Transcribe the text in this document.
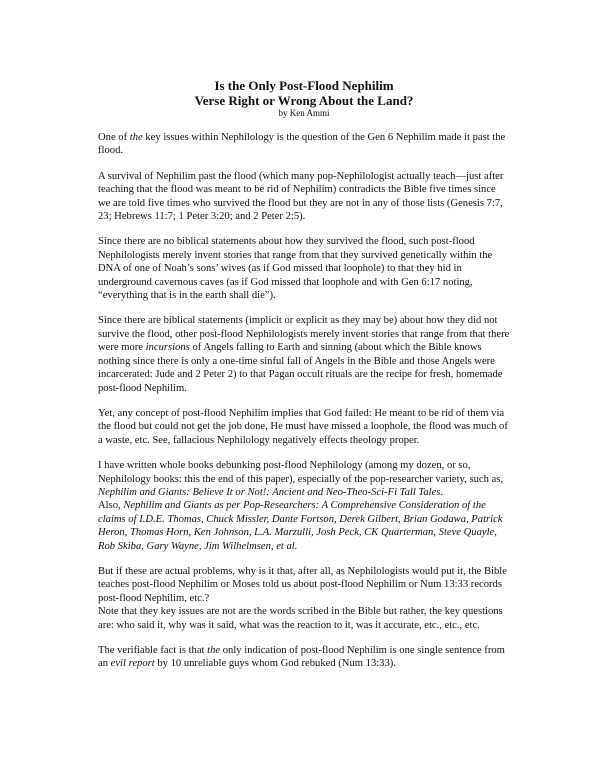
Is the Only Post-Flood Nephilim
Verse Right or Wrong About the Land?
by Ken Ammi

One of the key issues within Nephilology is the question of the Gen 6 Nephilim made it past the flood.

A survival of Nephilim past the flood (which many pop-Nephilologist actually teach—just after teaching that the flood was meant to be rid of Nephilim) contradicts the Bible five times since we are told five times who survived the flood but they are not in any of those lists (Genesis 7:7, 23; Hebrews 11:7; 1 Peter 3:20; and 2 Peter 2:5).

Since there are no biblical statements about how they survived the flood, such post-flood Nephilologists merely invent stories that range from that they survived genetically within the DNA of one of Noah’s sons’ wives (as if God missed that loophole) to that they hid in underground cavernous caves (as if God missed that loophole and with Gen 6:17 noting, “everything that is in the earth shall die”).

Since there are biblical statements (implicit or explicit as they may be) about how they did not survive the flood, other post-flood Nephilologists merely invent stories that range from that there were more incursions of Angels falling to Earth and sinning (about which the Bible knows nothing since there is only a one-time sinful fall of Angels in the Bible and those Angels were incarcerated: Jude and 2 Peter 2) to that Pagan occult rituals are the recipe for fresh, homemade post-flood Nephilim.

Yet, any concept of post-flood Nephilim implies that God failed: He meant to be rid of them via the flood but could not get the job done, He must have missed a loophole, the flood was much of a waste, etc. See, fallacious Nephilology negatively effects theology proper.

I have written whole books debunking post-flood Nephilology (among my dozen, or so, Nephilology books: this the end of this paper), especially of the pop-researcher variety, such as,
Nephilim and Giants: Believe It or Not!: Ancient and Neo-Theo-Sci-Fi Tall Tales.
Also, Nephilim and Giants as per Pop-Researchers: A Comprehensive Consideration of the claims of I.D.E. Thomas, Chuck Missler, Dante Fortson, Derek Gilbert, Brian Godawa, Patrick Heron, Thomas Horn, Ken Johnson, L.A. Marzulli, Josh Peck, CK Quarterman, Steve Quayle, Rob Skiba, Gary Wayne, Jim Wilhelmsen, et al.

But if these are actual problems, why is it that, after all, as Nephilologists would put it, the Bible teaches post-flood Nephilim or Moses told us about post-flood Nephilim or Num 13:33 records post-flood Nephilim, etc.?

Note that they key issues are not are the words scribed in the Bible but rather, the key questions are: who said it, why was it said, what was the reaction to it, was it accurate, etc., etc., etc.

The verifiable fact is that the only indication of post-flood Nephilim is one single sentence from an evil report by 10 unreliable guys whom God rebuked (Num 13:33).
